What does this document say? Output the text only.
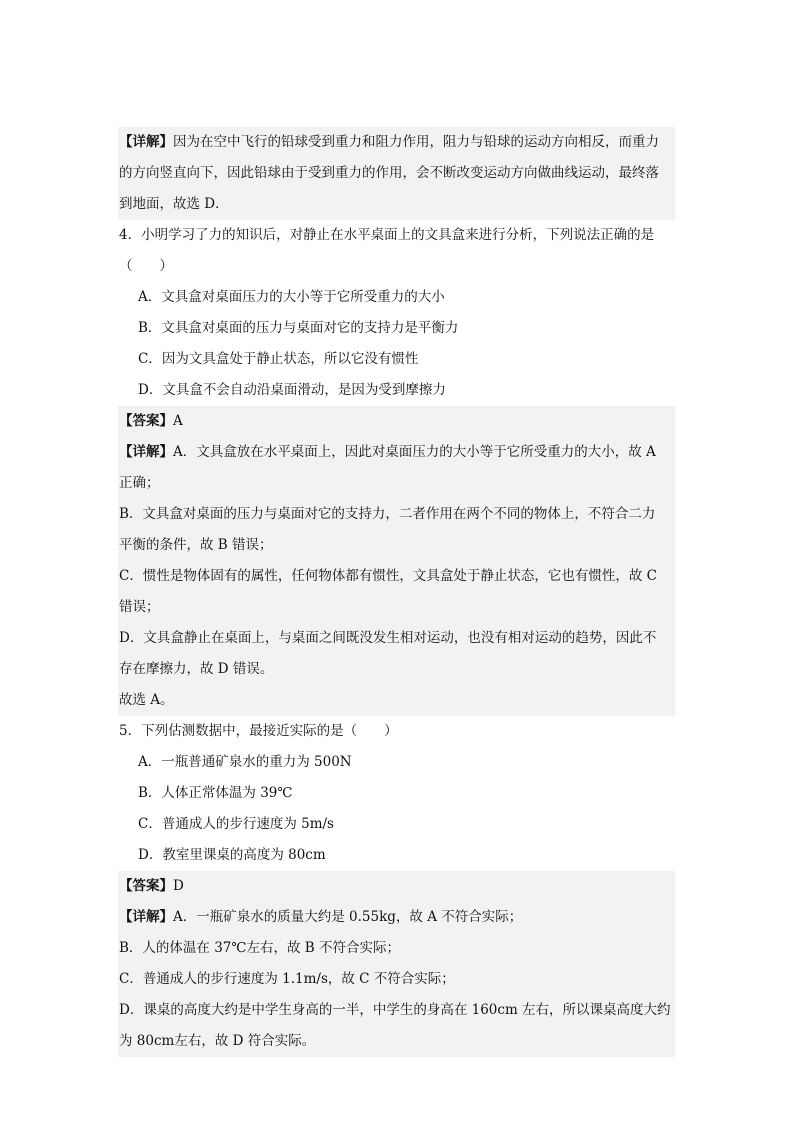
【详解】因为在空中飞行的铅球受到重力和阻力作用，阻力与铅球的运动方向相反，而重力
的方向竖直向下，因此铅球由于受到重力的作用，会不断改变运动方向做曲线运动，最终落
到地面，故选 D．
4．小明学习了力的知识后，对静止在水平桌面上的文具盒来进行分析，下列说法正确的是
（　　）
A．文具盒对桌面压力的大小等于它所受重力的大小
B．文具盒对桌面的压力与桌面对它的支持力是平衡力
C．因为文具盒处于静止状态，所以它没有惯性
D．文具盒不会自动沿桌面滑动，是因为受到摩擦力
【答案】A
【详解】A．文具盒放在水平桌面上，因此对桌面压力的大小等于它所受重力的大小，故 A
正确；
B．文具盒对桌面的压力与桌面对它的支持力，二者作用在两个不同的物体上，不符合二力
平衡的条件，故 B 错误；
C．惯性是物体固有的属性，任何物体都有惯性，文具盒处于静止状态，它也有惯性，故 C
错误；
D．文具盒静止在桌面上，与桌面之间既没发生相对运动，也没有相对运动的趋势，因此不
存在摩擦力，故 D 错误。
故选 A。
5．下列估测数据中，最接近实际的是（　　）
A．一瓶普通矿泉水的重力为 500N
B．人体正常体温为 39℃
C．普通成人的步行速度为 5m/s
D．教室里课桌的高度为 80cm
【答案】D
【详解】A．一瓶矿泉水的质量大约是 0.55kg，故 A 不符合实际；
B．人的体温在 37℃左右，故 B 不符合实际；
C．普通成人的步行速度为 1.1m/s，故 C 不符合实际；
D．课桌的高度大约是中学生身高的一半，中学生的身高在 160cm 左右，所以课桌高度大约
为 80cm左右，故 D 符合实际。
